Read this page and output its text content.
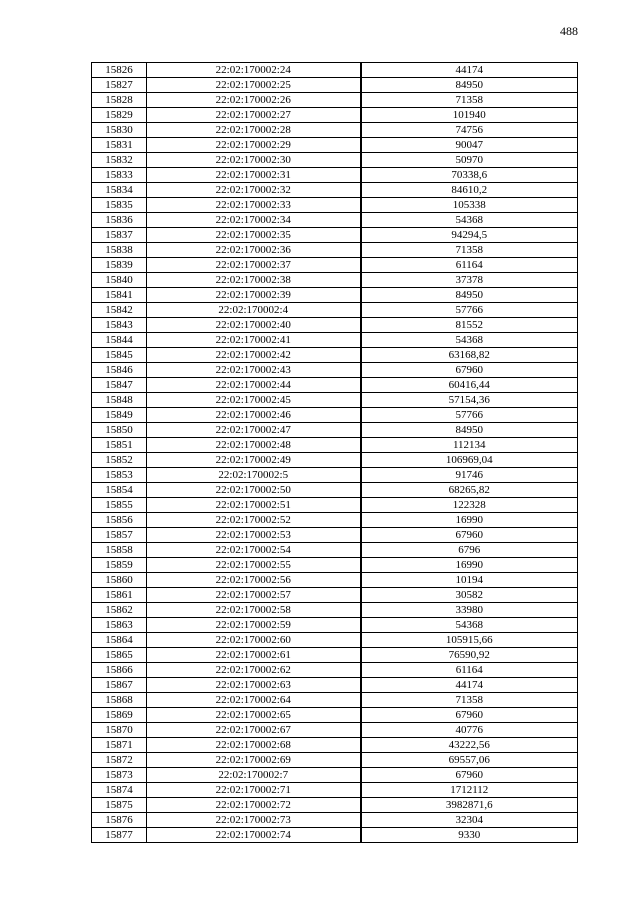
488
15826	22:02:170002:24	44174
15827	22:02:170002:25	84950
15828	22:02:170002:26	71358
15829	22:02:170002:27	101940
15830	22:02:170002:28	74756
15831	22:02:170002:29	90047
15832	22:02:170002:30	50970
15833	22:02:170002:31	70338,6
15834	22:02:170002:32	84610,2
15835	22:02:170002:33	105338
15836	22:02:170002:34	54368
15837	22:02:170002:35	94294,5
15838	22:02:170002:36	71358
15839	22:02:170002:37	61164
15840	22:02:170002:38	37378
15841	22:02:170002:39	84950
15842	22:02:170002:4	57766
15843	22:02:170002:40	81552
15844	22:02:170002:41	54368
15845	22:02:170002:42	63168,82
15846	22:02:170002:43	67960
15847	22:02:170002:44	60416,44
15848	22:02:170002:45	57154,36
15849	22:02:170002:46	57766
15850	22:02:170002:47	84950
15851	22:02:170002:48	112134
15852	22:02:170002:49	106969,04
15853	22:02:170002:5	91746
15854	22:02:170002:50	68265,82
15855	22:02:170002:51	122328
15856	22:02:170002:52	16990
15857	22:02:170002:53	67960
15858	22:02:170002:54	6796
15859	22:02:170002:55	16990
15860	22:02:170002:56	10194
15861	22:02:170002:57	30582
15862	22:02:170002:58	33980
15863	22:02:170002:59	54368
15864	22:02:170002:60	105915,66
15865	22:02:170002:61	76590,92
15866	22:02:170002:62	61164
15867	22:02:170002:63	44174
15868	22:02:170002:64	71358
15869	22:02:170002:65	67960
15870	22:02:170002:67	40776
15871	22:02:170002:68	43222,56
15872	22:02:170002:69	69557,06
15873	22:02:170002:7	67960
15874	22:02:170002:71	1712112
15875	22:02:170002:72	3982871,6
15876	22:02:170002:73	32304
15877	22:02:170002:74	9330
